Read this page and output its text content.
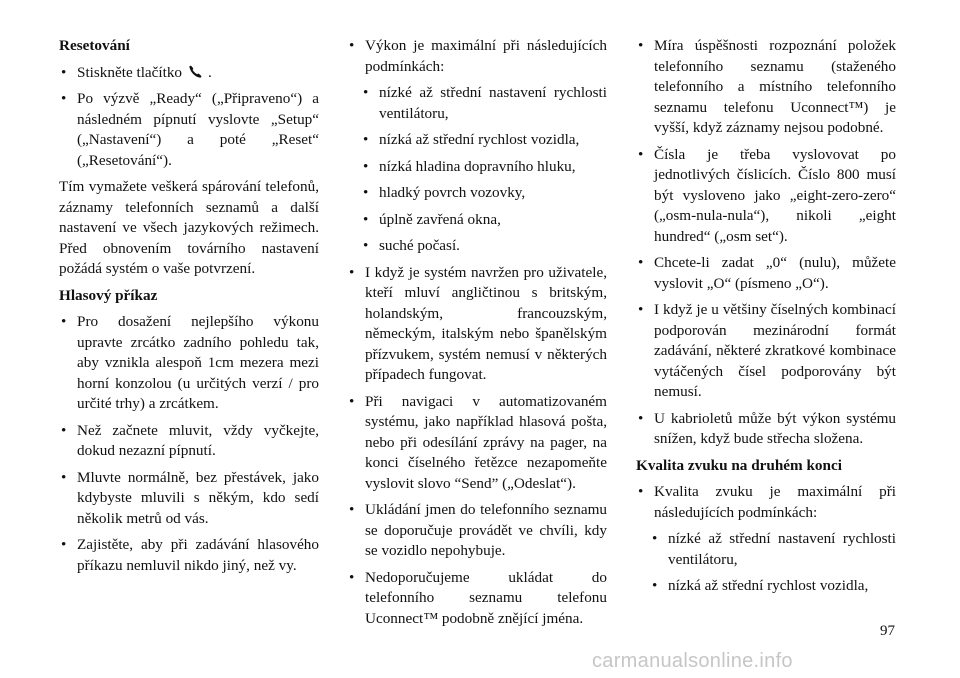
Resetování
• Stiskněte tlačítko .
• Po výzvě „Ready“ („Připraveno“) a následném pípnutí vyslovte „Setup“ („Nastavení“) a poté „Reset“ („Resetování“).
Tím vymažete veškerá spárování telefonů, záznamy telefonních seznamů a další nastavení ve všech jazykových režimech. Před obnovením továrního nastavení požádá systém o vaše potvrzení.
Hlasový příkaz
• Pro dosažení nejlepšího výkonu upravte zrcátko zadního pohledu tak, aby vznikla alespoň 1cm mezera mezi horní konzolou (u určitých verzí / pro určité trhy) a zrcátkem.
• Než začnete mluvit, vždy vyčkejte, dokud nezazní pípnutí.
• Mluvte normálně, bez přestávek, jako kdybyste mluvili s někým, kdo sedí několik metrů od vás.
• Zajistěte, aby při zadávání hlasového příkazu nemluvil nikdo jiný, než vy.
• Výkon je maximální při následujících podmínkách:
• nízké až střední nastavení rychlosti ventilátoru,
• nízká až střední rychlost vozidla,
• nízká hladina dopravního hluku,
• hladký povrch vozovky,
• úplně zavřená okna,
• suché počasí.
• I když je systém navržen pro uživatele, kteří mluví angličtinou s britským, holandským, francouzským, německým, italským nebo španělským přízvukem, systém nemusí v některých případech fungovat.
• Při navigaci v automatizovaném systému, jako například hlasová pošta, nebo při odesílání zprávy na pager, na konci číselného řetězce nezapomeňte vyslovit slovo “Send” („Odeslat“).
• Ukládání jmen do telefonního seznamu se doporučuje provádět ve chvíli, kdy se vozidlo nepohybuje.
• Nedoporučujeme ukládat do telefonního seznamu telefonu Uconnect™ podobně znějící jména.
• Míra úspěšnosti rozpoznání položek telefonního seznamu (staženého telefonního a místního telefonního seznamu telefonu Uconnect™) je vyšší, když záznamy nejsou podobné.
• Čísla je třeba vyslovovat po jednotlivých číslicích. Číslo 800 musí být vysloveno jako „eight-zero-zero“ („osm-nula-nula“), nikoli „eight hundred“ („osm set“).
• Chcete-li zadat „0“ (nulu), můžete vyslovit „O“ (písmeno „O“).
• I když je u většiny číselných kombinací podporován mezinárodní formát zadávání, některé zkratkové kombinace vytáčených čísel podporovány být nemusí.
• U kabrioletů může být výkon systému snížen, když bude střecha složena.
Kvalita zvuku na druhém konci
• Kvalita zvuku je maximální při následujících podmínkách:
• nízké až střední nastavení rychlosti ventilátoru,
• nízká až střední rychlost vozidla,
97
carmanualsonline.info
